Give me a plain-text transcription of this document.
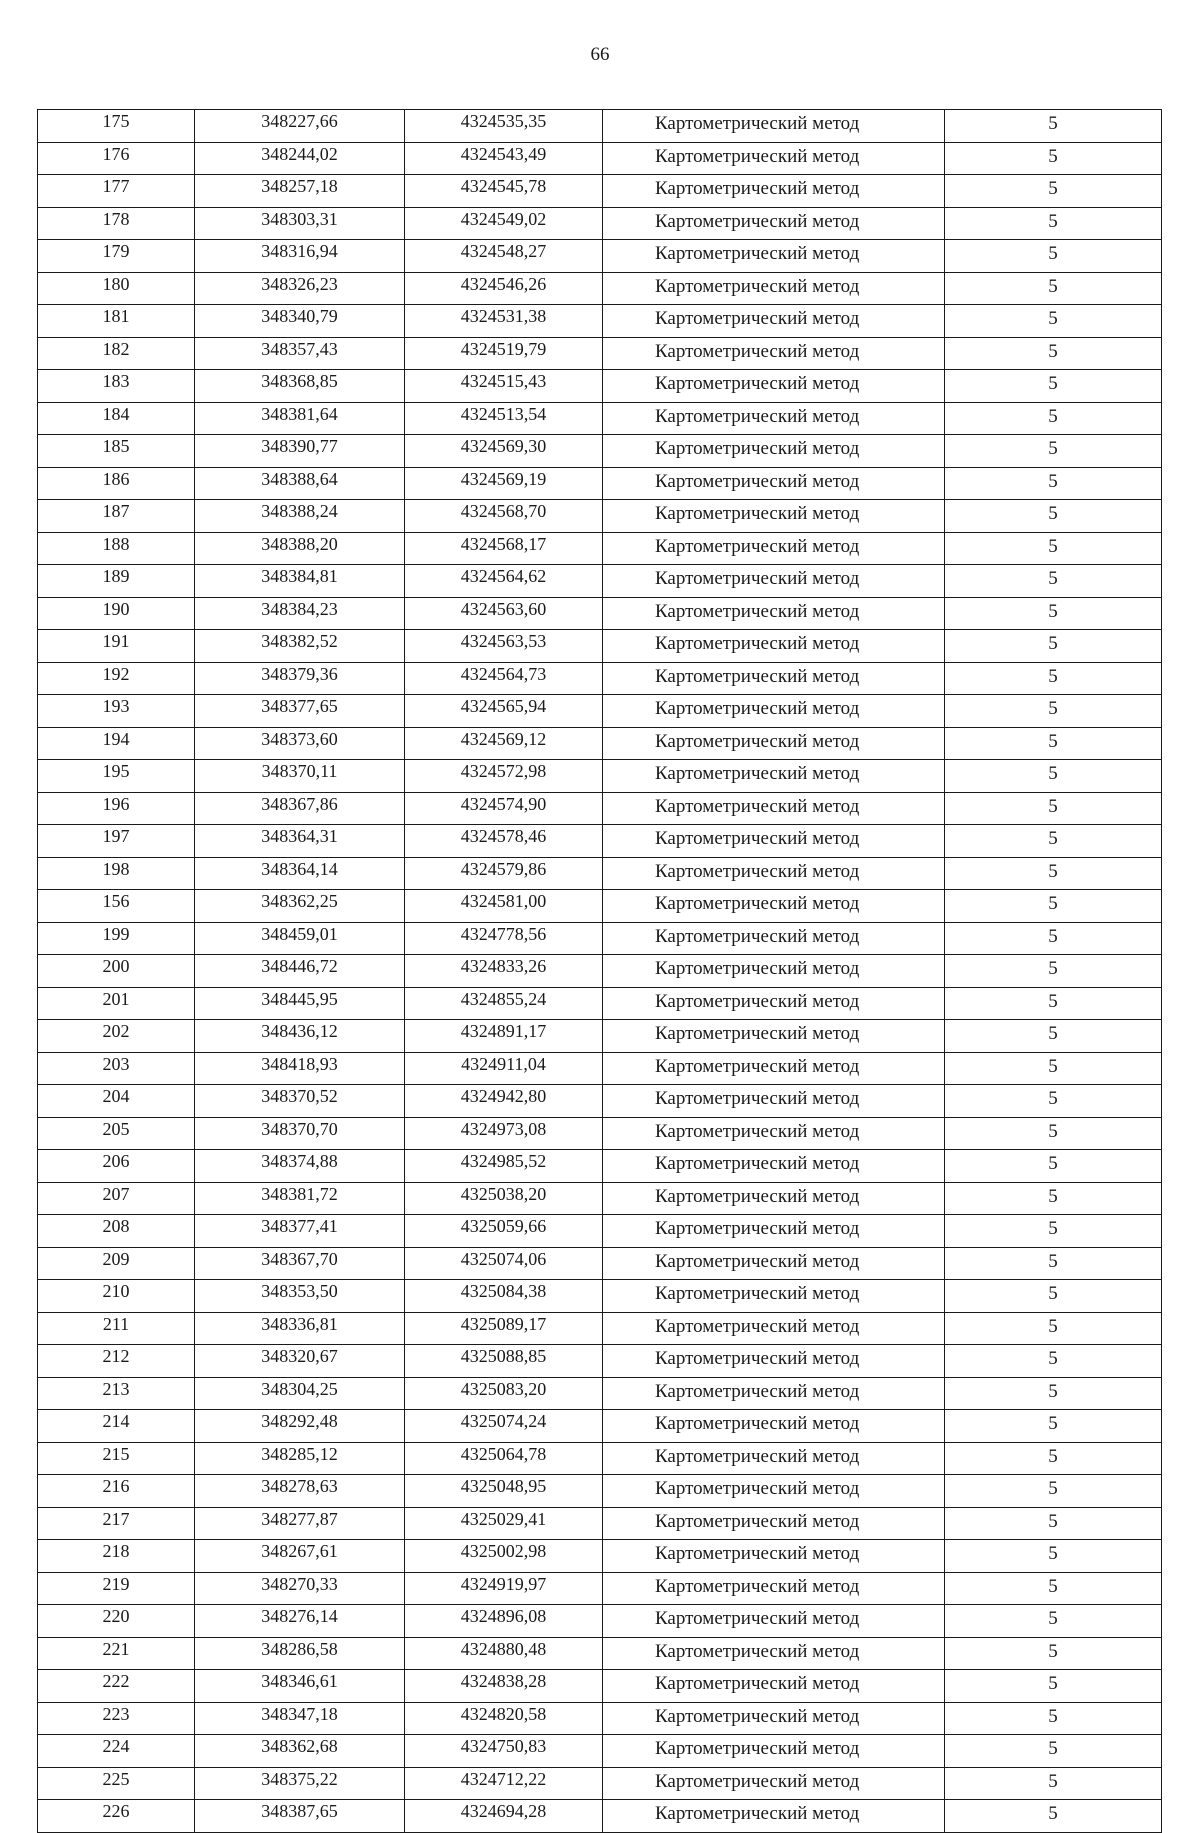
66
175	348227,66	4324535,35	Картометрический метод	5
176	348244,02	4324543,49	Картометрический метод	5
177	348257,18	4324545,78	Картометрический метод	5
178	348303,31	4324549,02	Картометрический метод	5
179	348316,94	4324548,27	Картометрический метод	5
180	348326,23	4324546,26	Картометрический метод	5
181	348340,79	4324531,38	Картометрический метод	5
182	348357,43	4324519,79	Картометрический метод	5
183	348368,85	4324515,43	Картометрический метод	5
184	348381,64	4324513,54	Картометрический метод	5
185	348390,77	4324569,30	Картометрический метод	5
186	348388,64	4324569,19	Картометрический метод	5
187	348388,24	4324568,70	Картометрический метод	5
188	348388,20	4324568,17	Картометрический метод	5
189	348384,81	4324564,62	Картометрический метод	5
190	348384,23	4324563,60	Картометрический метод	5
191	348382,52	4324563,53	Картометрический метод	5
192	348379,36	4324564,73	Картометрический метод	5
193	348377,65	4324565,94	Картометрический метод	5
194	348373,60	4324569,12	Картометрический метод	5
195	348370,11	4324572,98	Картометрический метод	5
196	348367,86	4324574,90	Картометрический метод	5
197	348364,31	4324578,46	Картометрический метод	5
198	348364,14	4324579,86	Картометрический метод	5
156	348362,25	4324581,00	Картометрический метод	5
199	348459,01	4324778,56	Картометрический метод	5
200	348446,72	4324833,26	Картометрический метод	5
201	348445,95	4324855,24	Картометрический метод	5
202	348436,12	4324891,17	Картометрический метод	5
203	348418,93	4324911,04	Картометрический метод	5
204	348370,52	4324942,80	Картометрический метод	5
205	348370,70	4324973,08	Картометрический метод	5
206	348374,88	4324985,52	Картометрический метод	5
207	348381,72	4325038,20	Картометрический метод	5
208	348377,41	4325059,66	Картометрический метод	5
209	348367,70	4325074,06	Картометрический метод	5
210	348353,50	4325084,38	Картометрический метод	5
211	348336,81	4325089,17	Картометрический метод	5
212	348320,67	4325088,85	Картометрический метод	5
213	348304,25	4325083,20	Картометрический метод	5
214	348292,48	4325074,24	Картометрический метод	5
215	348285,12	4325064,78	Картометрический метод	5
216	348278,63	4325048,95	Картометрический метод	5
217	348277,87	4325029,41	Картометрический метод	5
218	348267,61	4325002,98	Картометрический метод	5
219	348270,33	4324919,97	Картометрический метод	5
220	348276,14	4324896,08	Картометрический метод	5
221	348286,58	4324880,48	Картометрический метод	5
222	348346,61	4324838,28	Картометрический метод	5
223	348347,18	4324820,58	Картометрический метод	5
224	348362,68	4324750,83	Картометрический метод	5
225	348375,22	4324712,22	Картометрический метод	5
226	348387,65	4324694,28	Картометрический метод	5
